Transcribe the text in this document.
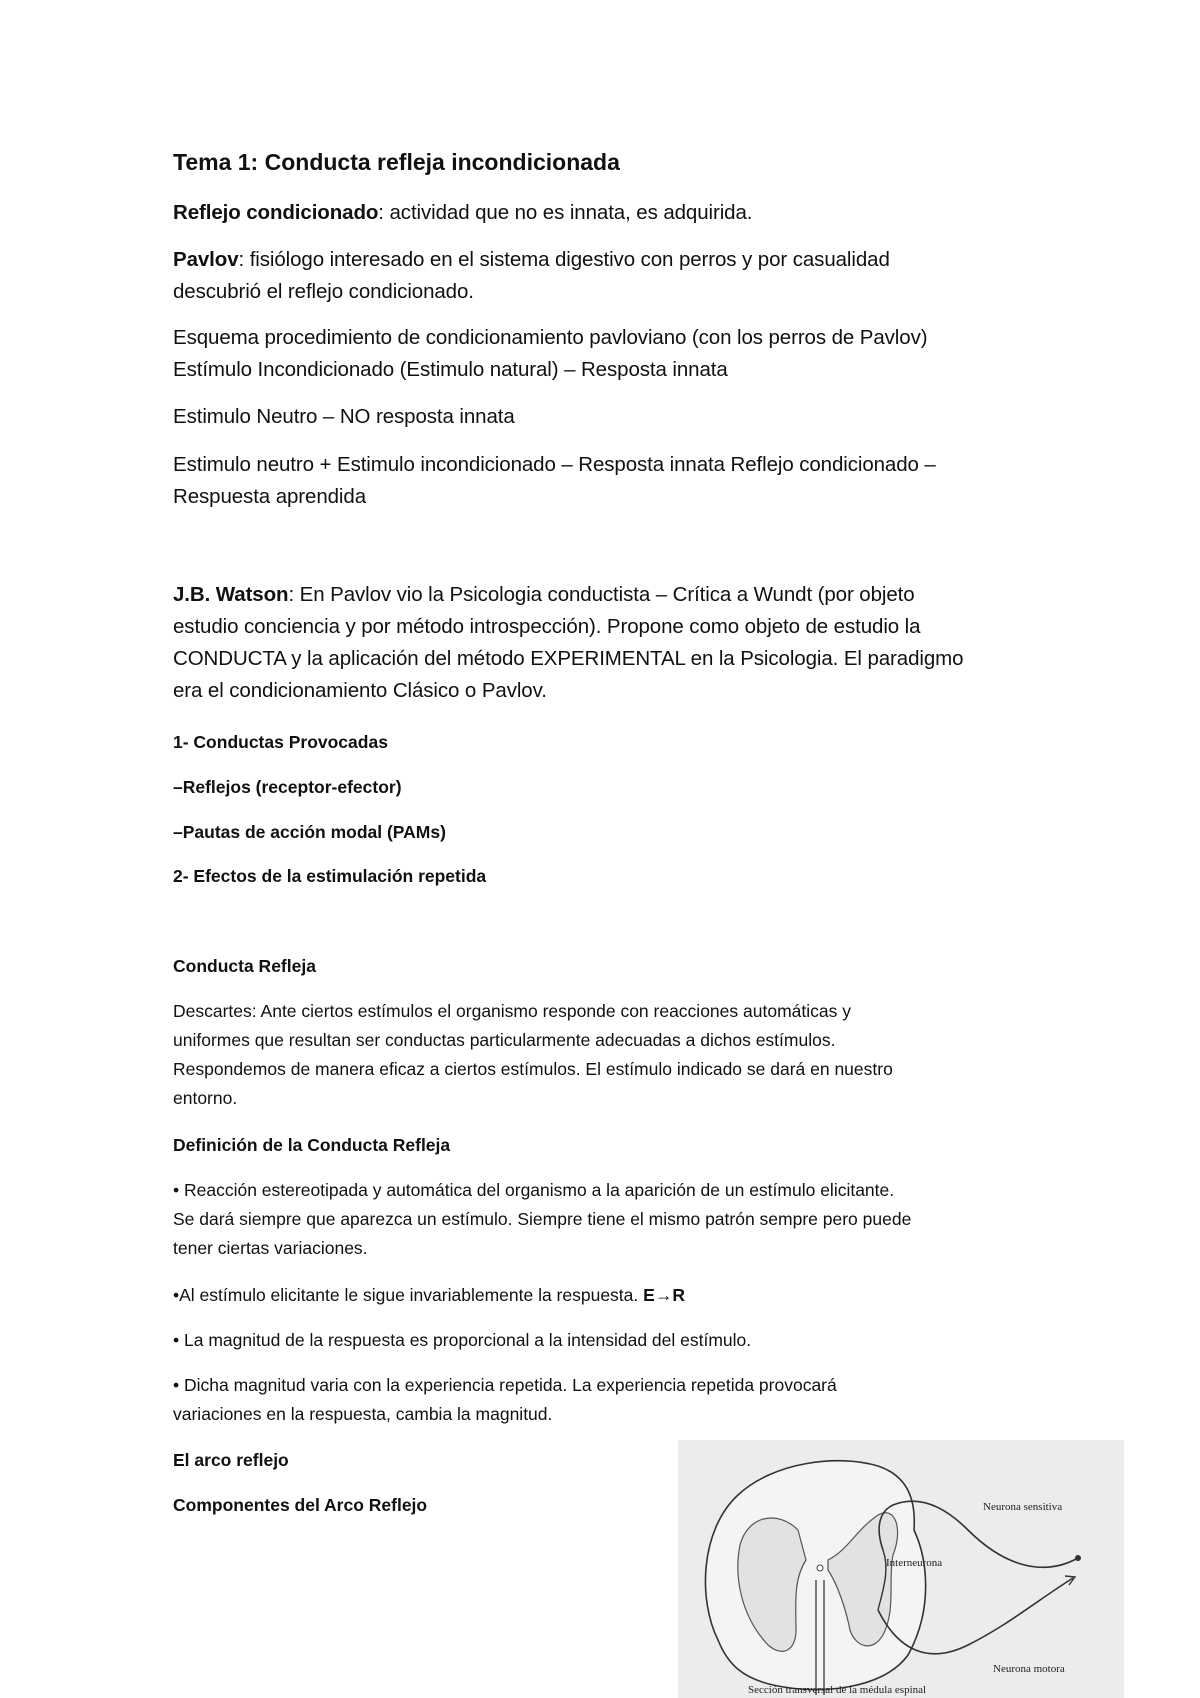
Tema 1: Conducta refleja incondicionada

Reflejo condicionado: actividad que no es innata, es adquirida.

Pavlov: fisiólogo interesado en el sistema digestivo con perros y por casualidad
descubrió el reflejo condicionado.

Esquema procedimiento de condicionamiento pavloviano (con los perros de Pavlov)
Estímulo Incondicionado (Estimulo natural) – Resposta innata

Estimulo Neutro – NO resposta innata

Estimulo neutro + Estimulo incondicionado – Resposta innata Reflejo condicionado –
Respuesta aprendida

J.B. Watson: En Pavlov vio la Psicologia conductista – Crítica a Wundt (por objeto
estudio conciencia y por método introspección). Propone como objeto de estudio la
CONDUCTA y la aplicación del método EXPERIMENTAL en la Psicologia. El paradigmo
era el condicionamiento Clásico o Pavlov.

1- Conductas Provocadas

–Reflejos (receptor-efector)

–Pautas de acción modal (PAMs)

2- Efectos de la estimulación repetida

Conducta Refleja

Descartes: Ante ciertos estímulos el organismo responde con reacciones automáticas y
uniformes que resultan ser conductas particularmente adecuadas a dichos estímulos.
Respondemos de manera eficaz a ciertos estímulos. El estímulo indicado se dará en nuestro
entorno.

Definición de la Conducta Refleja

• Reacción estereotipada y automática del organismo a la aparición de un estímulo elicitante.
Se dará siempre que aparezca un estímulo. Siempre tiene el mismo patrón sempre pero puede
tener ciertas variaciones.

•Al estímulo elicitante le sigue invariablemente la respuesta. E→R

• La magnitud de la respuesta es proporcional a la intensidad del estímulo.

• Dicha magnitud varia con la experiencia repetida. La experiencia repetida provocará
variaciones en la respuesta, cambia la magnitud.

El arco reflejo

Componentes del Arco Reflejo	Neurona sensitiva
Interneurona
Neurona motora
Sección transversal de la médula espinal
